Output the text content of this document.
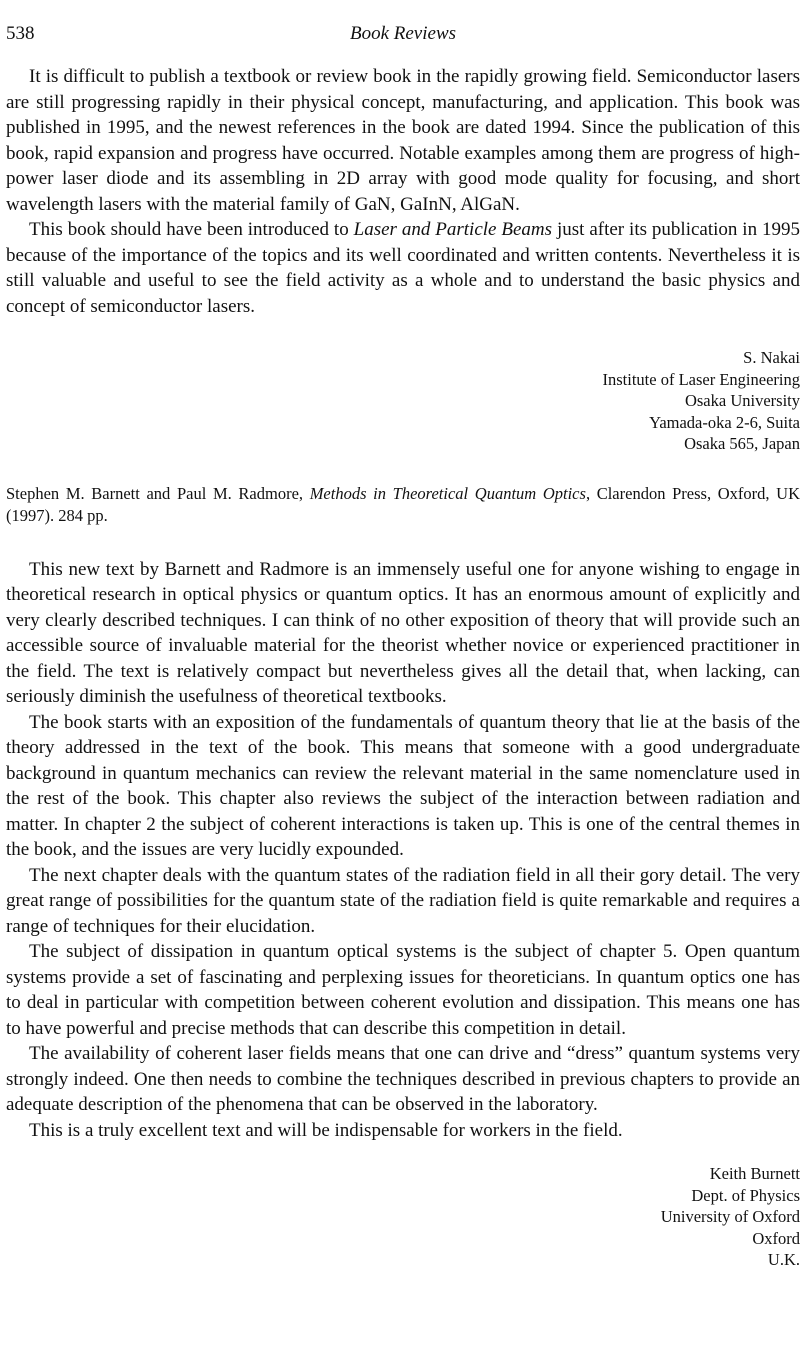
538	Book Reviews

It is difficult to publish a textbook or review book in the rapidly growing field. Semiconductor lasers are still progressing rapidly in their physical concept, manufacturing, and application. This book was published in 1995, and the newest references in the book are dated 1994. Since the publication of this book, rapid expansion and progress have occurred. Notable examples among them are progress of high-power laser diode and its assembling in 2D array with good mode quality for focusing, and short wavelength lasers with the material family of GaN, GaInN, AlGaN.

This book should have been introduced to Laser and Particle Beams just after its publication in 1995 because of the importance of the topics and its well coordinated and written contents. Nevertheless it is still valuable and useful to see the field activity as a whole and to understand the basic physics and concept of semiconductor lasers.

S. Nakai
Institute of Laser Engineering
Osaka University
Yamada-oka 2-6, Suita
Osaka 565, Japan
Stephen M. Barnett and Paul M. Radmore, Methods in Theoretical Quantum Optics, Clarendon Press, Oxford, UK (1997). 284 pp.

This new text by Barnett and Radmore is an immensely useful one for anyone wishing to engage in theoretical research in optical physics or quantum optics. It has an enormous amount of explicitly and very clearly described techniques. I can think of no other exposition of theory that will provide such an accessible source of invaluable material for the theorist whether novice or experienced practitioner in the field. The text is relatively compact but nevertheless gives all the detail that, when lacking, can seriously diminish the usefulness of theoretical textbooks.

The book starts with an exposition of the fundamentals of quantum theory that lie at the basis of the theory addressed in the text of the book. This means that someone with a good undergraduate background in quantum mechanics can review the relevant material in the same nomenclature used in the rest of the book. This chapter also reviews the subject of the interaction between radiation and matter. In chapter 2 the subject of coherent interactions is taken up. This is one of the central themes in the book, and the issues are very lucidly expounded.

The next chapter deals with the quantum states of the radiation field in all their gory detail. The very great range of possibilities for the quantum state of the radiation field is quite remarkable and requires a range of techniques for their elucidation.

The subject of dissipation in quantum optical systems is the subject of chapter 5. Open quantum systems provide a set of fascinating and perplexing issues for theoreticians. In quantum optics one has to deal in particular with competition between coherent evolution and dissipation. This means one has to have powerful and precise methods that can describe this competition in detail.

The availability of coherent laser fields means that one can drive and “dress” quantum systems very strongly indeed. One then needs to combine the techniques described in previous chapters to provide an adequate description of the phenomena that can be observed in the laboratory.

This is a truly excellent text and will be indispensable for workers in the field.

Keith Burnett
Dept. of Physics
University of Oxford
Oxford
U.K.
